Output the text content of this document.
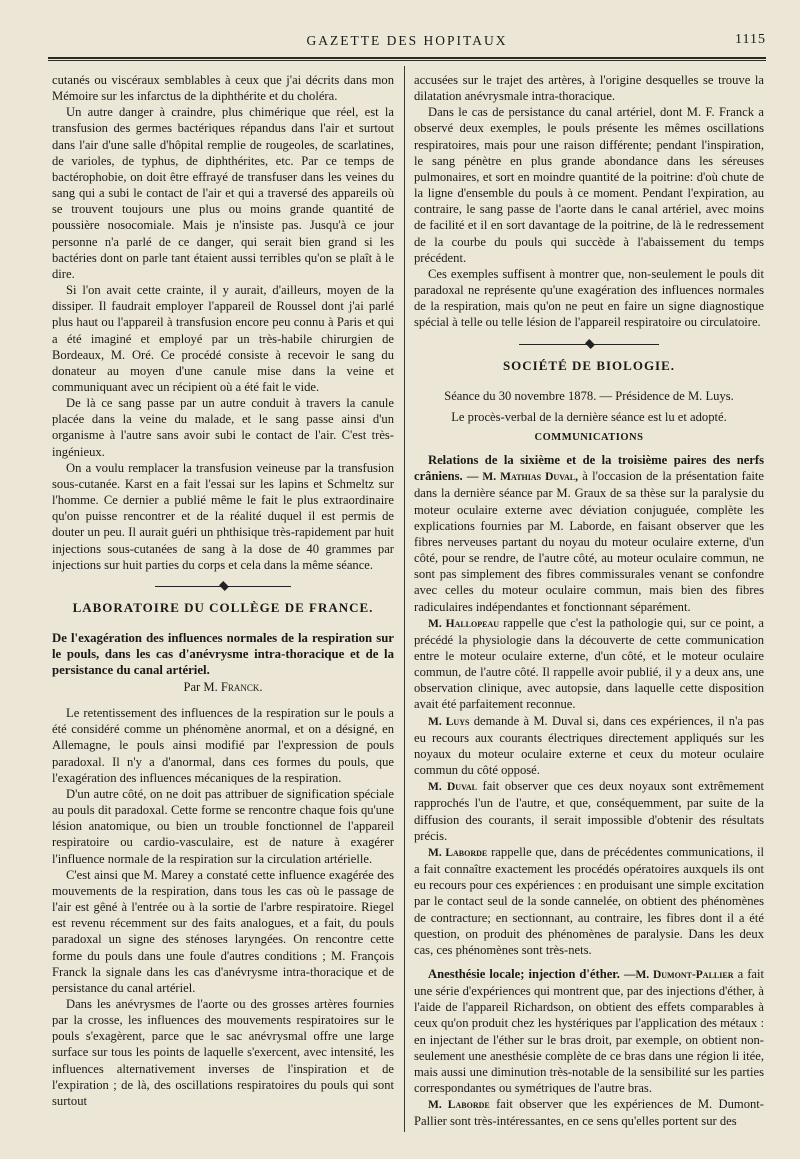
GAZETTE DES HOPITAUX	1115

cutanés ou viscéraux semblables à ceux que j'ai décrits dans mon Mémoire sur les infarctus de la diphthérite et du choléra.

Un autre danger à craindre, plus chimérique que réel, est la transfusion des germes bactériques répandus dans l'air et surtout dans l'air d'une salle d'hôpital remplie de rougeoles, de scarlatines, de varioles, de typhus, de diphthérites, etc. Par ce temps de bactérophobie, on doit être effrayé de transfuser dans les veines du sang qui a subi le contact de l'air et qui a traversé des appareils où se trouvent toujours une plus ou moins grande quantité de poussière nosocomiale. Mais je n'insiste pas. Jusqu'à ce jour personne n'a parlé de ce danger, qui serait bien grand si les bactéries dont on parle tant étaient aussi terribles qu'on se plaît à le dire.

Si l'on avait cette crainte, il y aurait, d'ailleurs, moyen de la dissiper. Il faudrait employer l'appareil de Roussel dont j'ai parlé plus haut ou l'appareil à transfusion encore peu connu à Paris et qui a été imaginé et employé par un très-habile chirurgien de Bordeaux, M. Oré. Ce procédé consiste à recevoir le sang du donateur au moyen d'une canule mise dans la veine et communiquant avec un récipient où a été fait le vide.

De là ce sang passe par un autre conduit à travers la canule placée dans la veine du malade, et le sang passe ainsi d'un organisme à l'autre sans avoir subi le contact de l'air. C'est très-ingénieux.

On a voulu remplacer la transfusion veineuse par la transfusion sous-cutanée. Karst en a fait l'essai sur les lapins et Schmeltz sur l'homme. Ce dernier a publié même le fait le plus extraordinaire qu'on puisse rencontrer et de la réalité duquel il est permis de douter un peu. Il aurait guéri un phthisique très-rapidement par huit injections sous-cutanées de sang à la dose de 40 grammes par injections sur huit parties du corps et cela dans la même séance.

LABORATOIRE DU COLLÈGE DE FRANCE.

De l'exagération des influences normales de la respiration sur le pouls, dans les cas d'anévrysme intra-thoracique et de la persistance du canal artériel.

Par M. Franck.

Le retentissement des influences de la respiration sur le pouls a été considéré comme un phénomène anormal, et on a désigné, en Allemagne, le pouls ainsi modifié par l'expression de pouls paradoxal. Il n'y a d'anormal, dans ces formes du pouls, que l'exagération des influences mécaniques de la respiration.

D'un autre côté, on ne doit pas attribuer de signification spéciale au pouls dit paradoxal. Cette forme se rencontre chaque fois qu'une lésion anatomique, ou bien un trouble fonctionnel de l'appareil respiratoire ou cardio-vasculaire, est de nature à exagérer l'influence normale de la respiration sur la circulation artérielle.

C'est ainsi que M. Marey a constaté cette influence exagérée des mouvements de la respiration, dans tous les cas où le passage de l'air est gêné à l'entrée ou à la sortie de l'arbre respiratoire. Riegel est revenu récemment sur des faits analogues, et a fait, du pouls paradoxal un signe des sténoses laryngées. On rencontre cette forme du pouls dans une foule d'autres conditions ; M. François Franck la signale dans les cas d'anévrysme intra-thoracique et de persistance du canal artériel.

Dans les anévrysmes de l'aorte ou des grosses artères fournies par la crosse, les influences des mouvements respiratoires sur le pouls s'exagèrent, parce que le sac anévrysmal offre une large surface sur tous les points de laquelle s'exercent, avec intensité, les influences alternativement inverses de l'inspiration et de l'expiration ; de là, des oscillations respiratoires du pouls qui sont surtout

accusées sur le trajet des artères, à l'origine desquelles se trouve la dilatation anévrysmale intra-thoracique.

Dans le cas de persistance du canal artériel, dont M. F. Franck a observé deux exemples, le pouls présente les mêmes oscillations respiratoires, mais pour une raison différente; pendant l'inspiration, le sang pénètre en plus grande abondance dans les séreuses pulmonaires, et sort en moindre quantité de la poitrine: d'où chute de la ligne d'ensemble du pouls à ce moment. Pendant l'expiration, au contraire, le sang passe de l'aorte dans le canal artériel, avec moins de facilité et il en sort davantage de la poitrine, de là le redressement de la courbe du pouls qui succède à l'abaissement du temps précédent.

Ces exemples suffisent à montrer que, non-seulement le pouls dit paradoxal ne représente qu'une exagération des influences normales de la respiration, mais qu'on ne peut en faire un signe diagnostique spécial à telle ou telle lésion de l'appareil respiratoire ou circulatoire.

SOCIÉTÉ DE BIOLOGIE.
Séance du 30 novembre 1878. — Présidence de M. Luys.
Le procès-verbal de la dernière séance est lu et adopté.
COMMUNICATIONS

Relations de la sixième et de la troisième paires des nerfs crâniens. — M. Mathias Duval, à l'occasion de la présentation faite dans la dernière séance par M. Graux de sa thèse sur la paralysie du moteur oculaire externe avec déviation conjuguée, complète les explications fournies par M. Laborde, en faisant observer que les fibres nerveuses partant du noyau du moteur oculaire externe, d'un côté, pour se rendre, de l'autre côté, au moteur oculaire commun, ne sont pas simplement des fibres commissurales venant se confondre avec celles du moteur oculaire commun, mais bien des fibres radiculaires indépendantes et fonctionnant séparément.

M. Hallopeau rappelle que c'est la pathologie qui, sur ce point, a précédé la physiologie dans la découverte de cette communication entre le moteur oculaire externe, d'un côté, et le moteur oculaire commun, de l'autre côté. Il rappelle avoir publié, il y a deux ans, une observation clinique, avec autopsie, dans laquelle cette disposition avait été parfaitement reconnue.

M. Luys demande à M. Duval si, dans ces expériences, il n'a pas eu recours aux courants électriques directement appliqués sur les noyaux du moteur oculaire externe et ceux du moteur oculaire commun du côté opposé.

M. Duval fait observer que ces deux noyaux sont extrêmement rapprochés l'un de l'autre, et que, conséquemment, par suite de la diffusion des courants, il serait impossible d'obtenir des résultats précis.

M. Laborde rappelle que, dans de précédentes communications, il a fait connaître exactement les procédés opératoires auxquels ils ont eu recours pour ces expériences : en produisant une simple excitation par le contact seul de la sonde cannelée, on obtient des phénomènes de contracture; en sectionnant, au contraire, les fibres dont il a été question, on produit des phénomènes de paralysie. Dans les deux cas, ces phénomènes sont très-nets.

Anesthésie locale; injection d'éther. —M. Dumont-Pallier a fait une série d'expériences qui montrent que, par des injections d'éther, à l'aide de l'appareil Richardson, on obtient des effets comparables à ceux qu'on produit chez les hystériques par l'application des métaux : en injectant de l'éther sur le bras droit, par exemple, on obtient non-seulement une anesthésie complète de ce bras dans une région li itée, mais aussi une diminution très-notable de la sensibilité sur les parties correspondantes ou symétriques de l'autre bras.

M. Laborde fait observer que les expériences de M. Dumont-Pallier sont très-intéressantes, en ce sens qu'elles portent sur des
